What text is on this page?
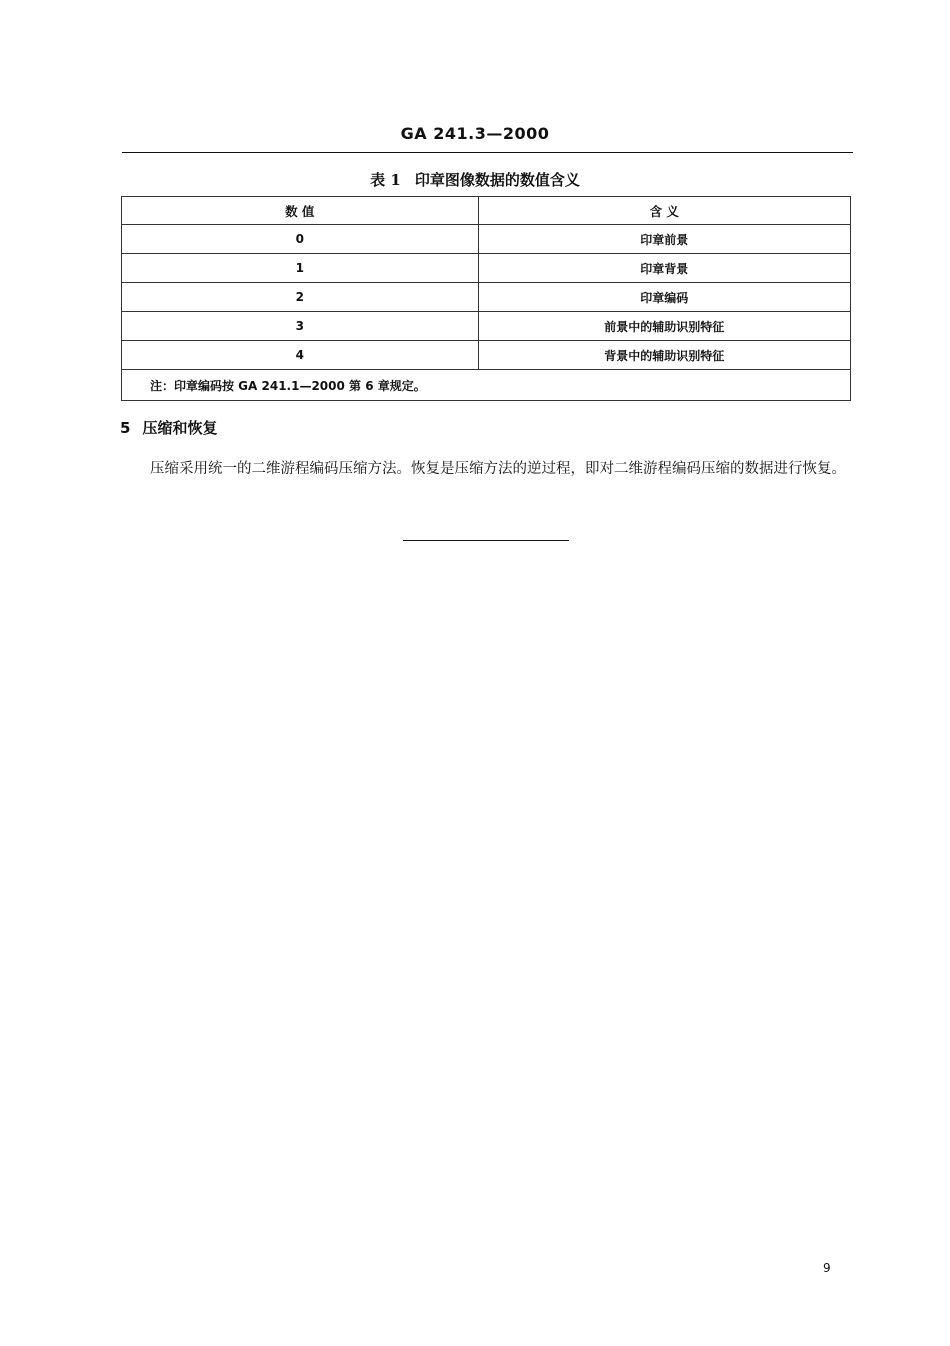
GA 241.3—2000
表 1 印章图像数据的数值含义
数 值	含 义
0	印章前景
1	印章背景
2	印章编码
3	前景中的辅助识别特征
4	背景中的辅助识别特征
注：印章编码按 GA 241.1—2000 第 6 章规定。	
5 压缩和恢复
压缩采用统一的二维游程编码压缩方法。恢复是压缩方法的逆过程，即对二维游程编码压缩的数据进行恢复。
9
